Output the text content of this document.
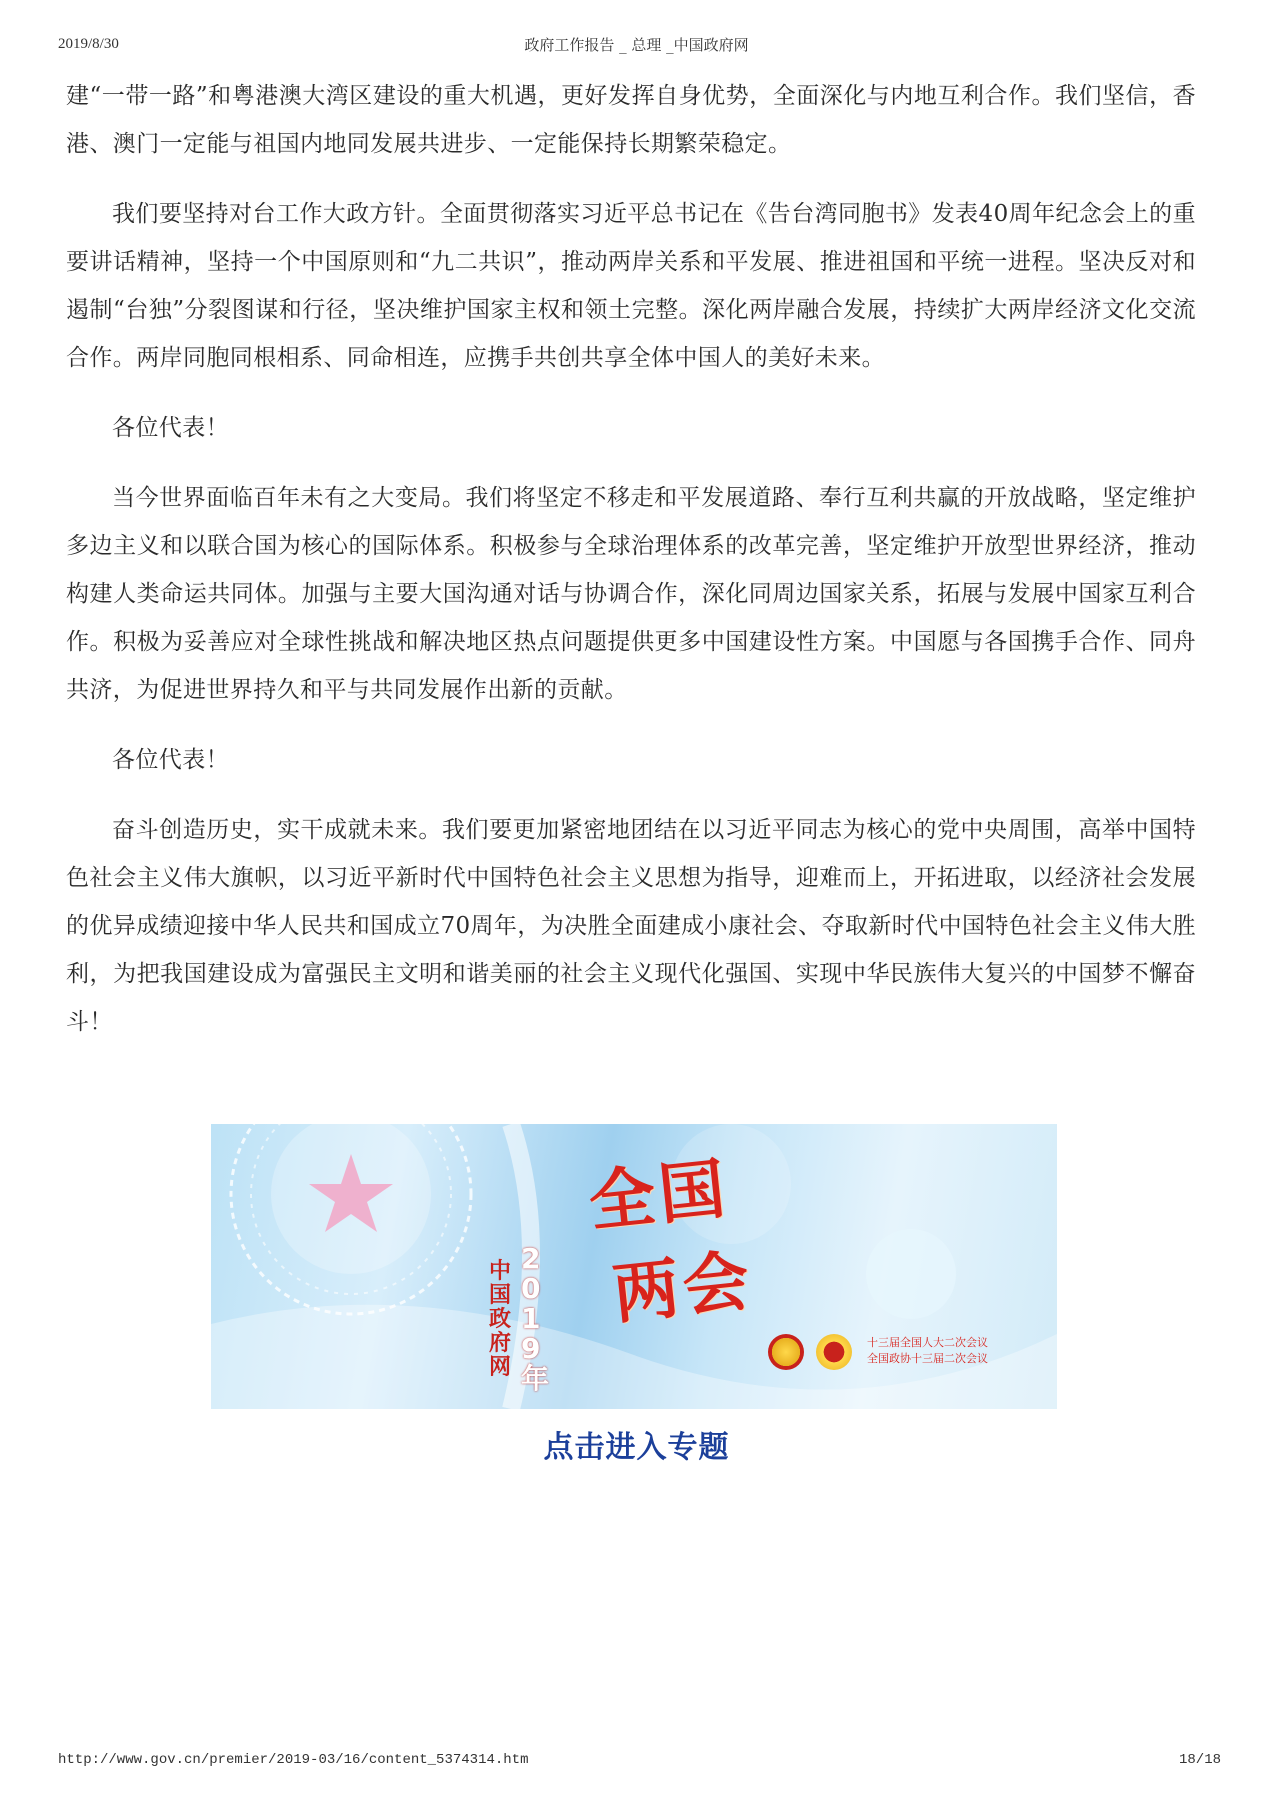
2019/8/30	政府工作报告 _ 总理 _中国政府网

建“一带一路”和粤港澳大湾区建设的重大机遇，更好发挥自身优势，全面深化与内地互利合作。我们坚信，香港、澳门一定能与祖国内地同发展共进步、一定能保持长期繁荣稳定。

我们要坚持对台工作大政方针。全面贯彻落实习近平总书记在《告台湾同胞书》发表40周年纪念会上的重要讲话精神，坚持一个中国原则和“九二共识”，推动两岸关系和平发展、推进祖国和平统一进程。坚决反对和遏制“台独”分裂图谋和行径，坚决维护国家主权和领土完整。深化两岸融合发展，持续扩大两岸经济文化交流合作。两岸同胞同根相系、同命相连，应携手共创共享全体中国人的美好未来。

各位代表！

当今世界面临百年未有之大变局。我们将坚定不移走和平发展道路、奉行互利共赢的开放战略，坚定维护多边主义和以联合国为核心的国际体系。积极参与全球治理体系的改革完善，坚定维护开放型世界经济，推动构建人类命运共同体。加强与主要大国沟通对话与协调合作，深化同周边国家关系，拓展与发展中国家互利合作。积极为妥善应对全球性挑战和解决地区热点问题提供更多中国建设性方案。中国愿与各国携手合作、同舟共济，为促进世界持久和平与共同发展作出新的贡献。

各位代表！

奋斗创造历史，实干成就未来。我们要更加紧密地团结在以习近平同志为核心的党中央周围，高举中国特色社会主义伟大旗帜，以习近平新时代中国特色社会主义思想为指导，迎难而上，开拓进取，以经济社会发展的优异成绩迎接中华人民共和国成立70周年，为决胜全面建成小康社会、夺取新时代中国特色社会主义伟大胜利，为把我国建设成为富强民主文明和谐美丽的社会主义现代化强国、实现中华民族伟大复兴的中国梦不懈奋斗！

中国政府网
2019年
全国
两会
十三届全国人大二次会议
全国政协十三届二次会议
点击进入专题
http://www.gov.cn/premier/2019-03/16/content_5374314.htm	18/18
